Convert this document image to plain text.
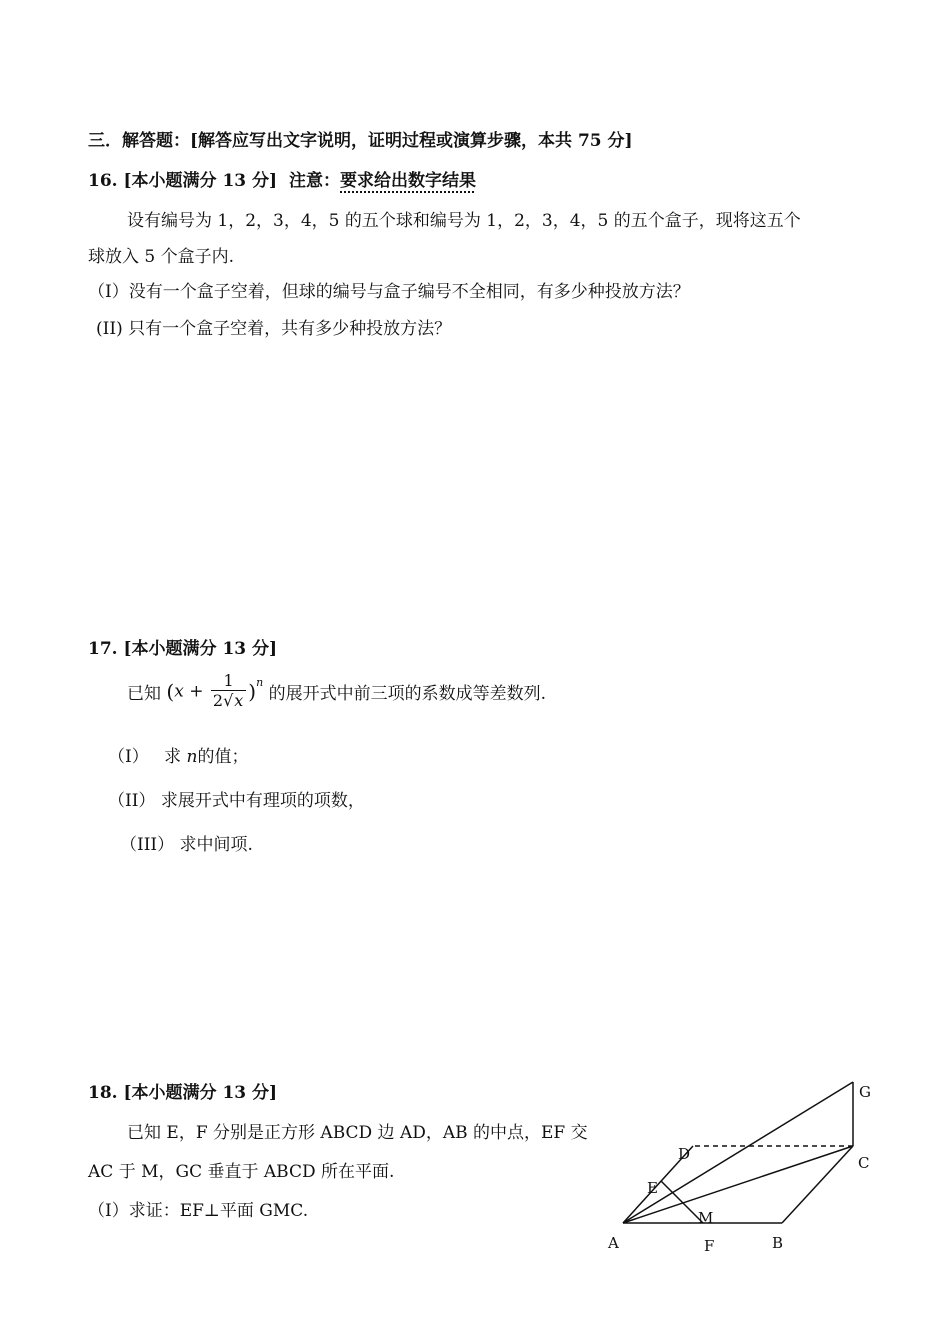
三．解答题：[解答应写出文字说明，证明过程或演算步骤，本共 75 分]
16. [本小题满分 13 分] 注意：要求给出数字结果
设有编号为 1，2，3，4，5 的五个球和编号为 1，2，3，4，5 的五个盒子，现将这五个
球放入 5 个盒子内.
（I）没有一个盒子空着，但球的编号与盒子编号不全相同，有多少种投放方法？
(II) 只有一个盒子空着，共有多少种投放方法？
17. [本小题满分 13 分]
已知 $(x + \frac{1}{2√x} )^n$ 的展开式中前三项的系数成等差数列.
（I） 求 n的值；
（II） 求展开式中有理项的项数，
（III） 求中间项.
18. [本小题满分 13 分]
已知 E，F 分别是正方形 ABCD 边 AD，AB 的中点，EF 交
AC 于 M，GC 垂直于 ABCD 所在平面.
（I）求证：EF⊥平面 GMC.
A	B
C
D
E
F
G
M
